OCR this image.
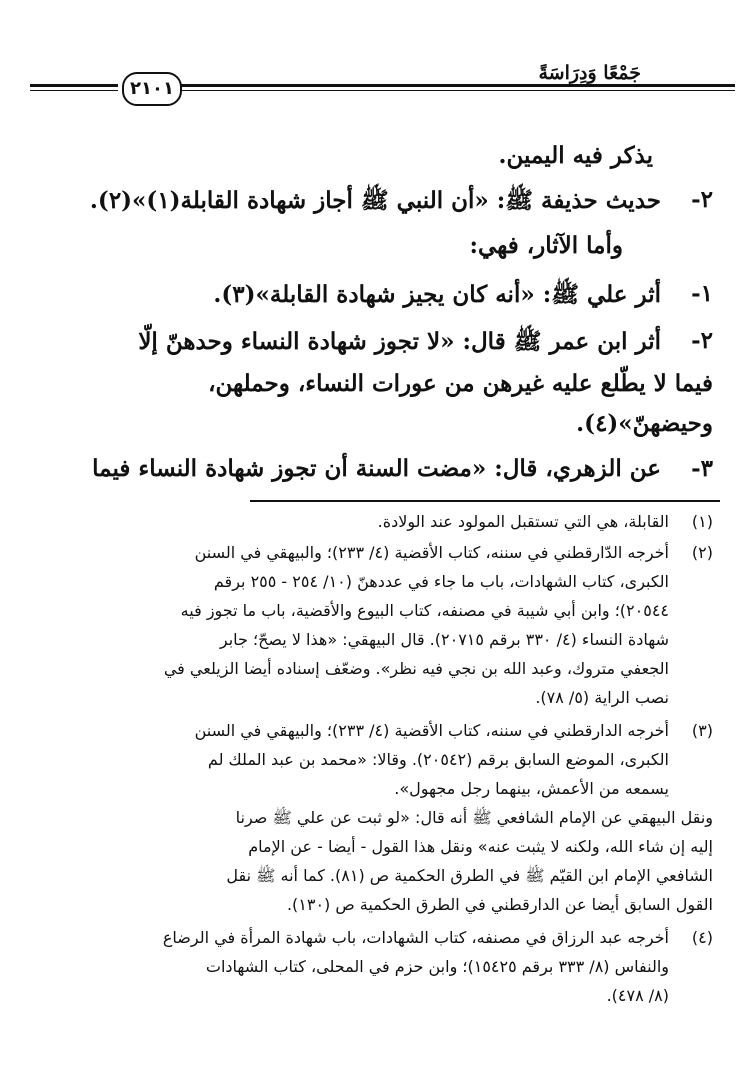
جَمْعًا وَدِرَاسَةً
٢١٠١
يذكر فيه اليمين.
٢-
حديث حذيفة ﷺ: «أن النبي ﷺ أجاز شهادة القابلة(١)»(٢).
وأما الآثار، فهي:
١-
أثر علي ﷺ: «أنه كان يجيز شهادة القابلة»(٣).
٢-
أثر ابن عمر ﷺ قال: «لا تجوز شهادة النساء وحدهنّ إلّا
فيما لا يطّلع عليه غيرهن من عورات النساء، وحملهن،
وحيضهنّ»(٤).
٣-
عن الزهري، قال: «مضت السنة أن تجوز شهادة النساء فيما
(١)
القابلة، هي التي تستقبل المولود عند الولادة.
(٢)
أخرجه الدّارقطني في سننه، كتاب الأقضية (٤/ ٢٣٣)؛ والبيهقي في السنن
الكبرى، كتاب الشهادات، باب ما جاء في عددهنّ (١٠/ ٢٥٤ - ٢٥٥ برقم
٢٠٥٤٤)؛ وابن أبي شيبة في مصنفه، كتاب البيوع والأقضية، باب ما تجوز فيه
شهادة النساء (٤/ ٣٣٠ برقم ٢٠٧١٥). قال البيهقي: «هذا لا يصحّ؛ جابر
الجعفي متروك، وعبد الله بن نجي فيه نظر». وضعّف إسناده أيضا الزيلعي في
نصب الراية (٥/ ٧٨).
(٣)
أخرجه الدارقطني في سننه، كتاب الأقضية (٤/ ٢٣٣)؛ والبيهقي في السنن
الكبرى، الموضع السابق برقم (٢٠٥٤٢). وقالا: «محمد بن عبد الملك لم
يسمعه من الأعمش، بينهما رجل مجهول».
ونقل البيهقي عن الإمام الشافعي ﷺ أنه قال: «لو ثبت عن علي ﷺ صرنا
إليه إن شاء الله، ولكنه لا يثبت عنه» ونقل هذا القول - أيضا - عن الإمام
الشافعي الإمام ابن القيّم ﷺ في الطرق الحكمية ص (٨١). كما أنه ﷺ نقل
القول السابق أيضا عن الدارقطني في الطرق الحكمية ص (١٣٠).
(٤)
أخرجه عبد الرزاق في مصنفه، كتاب الشهادات، باب شهادة المرأة في الرضاع
والنفاس (٨/ ٣٣٣ برقم ١٥٤٢٥)؛ وابن حزم في المحلى، كتاب الشهادات
(٨/ ٤٧٨).
